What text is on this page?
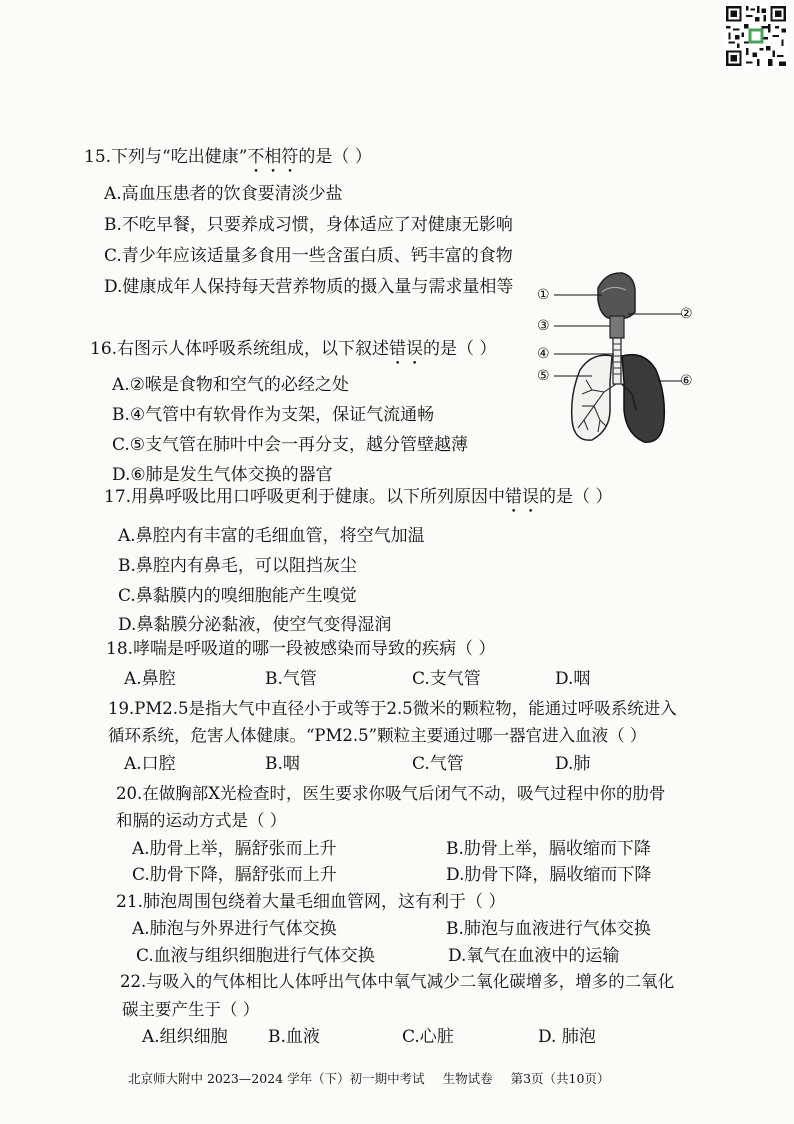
15.下列与“吃出健康”不相符的是（ ）
A.高血压患者的饮食要清淡少盐
B.不吃早餐，只要养成习惯，身体适应了对健康无影响
C.青少年应该适量多食用一些含蛋白质、钙丰富的食物
D.健康成年人保持每天营养物质的摄入量与需求量相等
16.右图示人体呼吸系统组成，以下叙述错误的是（ ）
A.②喉是食物和空气的必经之处
B.④气管中有软骨作为支架，保证气流通畅
C.⑤支气管在肺叶中会一再分支，越分管壁越薄
D.⑥肺是发生气体交换的器官
①
②
③
④
⑤	⑥
17.用鼻呼吸比用口呼吸更利于健康。以下所列原因中错误的是（ ）
A.鼻腔内有丰富的毛细血管，将空气加温
B.鼻腔内有鼻毛，可以阻挡灰尘
C.鼻黏膜内的嗅细胞能产生嗅觉
D.鼻黏膜分泌黏液，使空气变得湿润
18.哮喘是呼吸道的哪一段被感染而导致的疾病（ ）
A.鼻腔	B.气管	C.支气管	D.咽
19.PM2.5是指大气中直径小于或等于2.5微米的颗粒物，能通过呼吸系统进入
循环系统，危害人体健康。“PM2.5”颗粒主要通过哪一器官进入血液（ ）
A.口腔	B.咽	C.气管	D.肺
20.在做胸部X光检查时，医生要求你吸气后闭气不动，吸气过程中你的肋骨
和膈的运动方式是（ ）
A.肋骨上举，膈舒张而上升	B.肋骨上举，膈收缩而下降
C.肋骨下降，膈舒张而上升	D.肋骨下降，膈收缩而下降
21.肺泡周围包绕着大量毛细血管网，这有利于（ ）
A.肺泡与外界进行气体交换	B.肺泡与血液进行气体交换
C.血液与组织细胞进行气体交换	D.氧气在血液中的运输
22.与吸入的气体相比人体呼出气体中氧气减少二氧化碳增多，增多的二氧化
碳主要产生于（ ）
A.组织细胞 B.血液	C.心脏	D. 肺泡
北京师大附中 2023—2024 学年（下）初一期中考试 生物试卷 第3页（共10页）
